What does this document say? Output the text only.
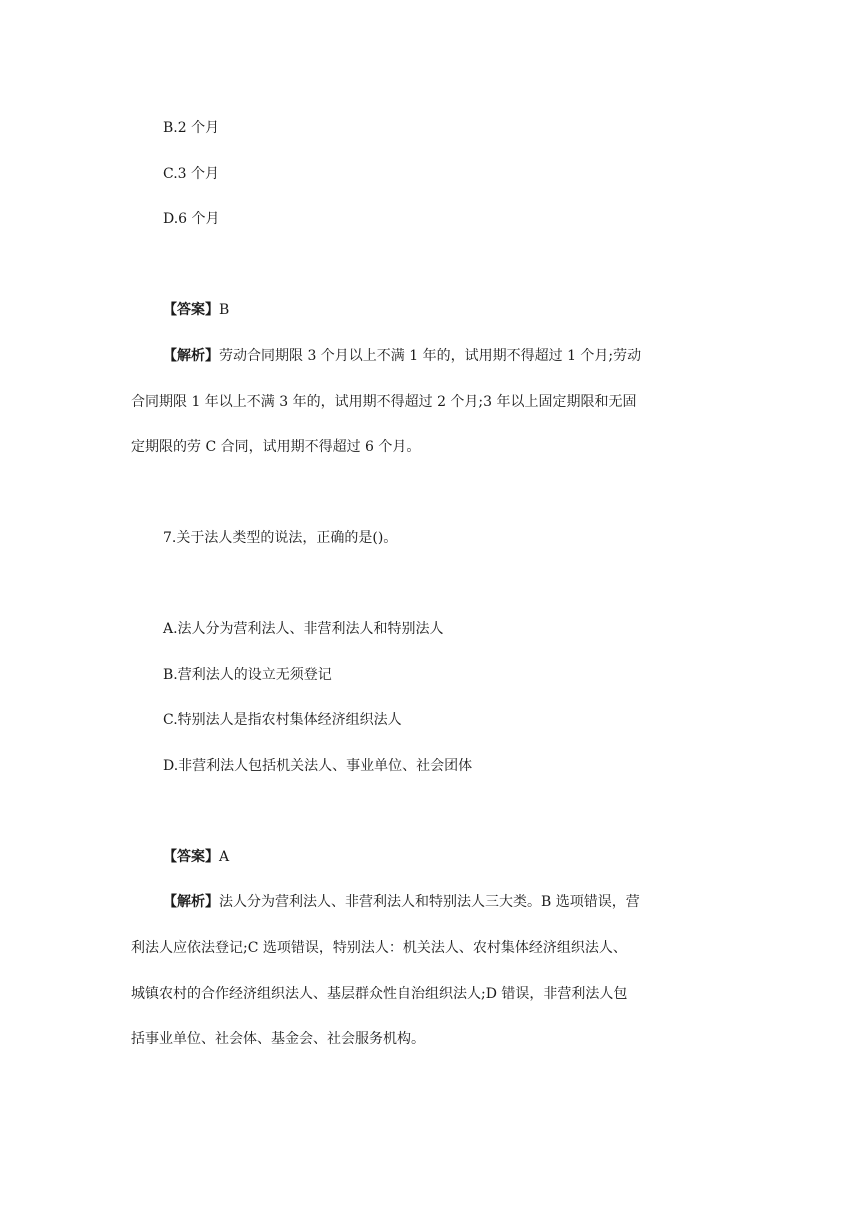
B.2 个月
C.3 个月
D.6 个月
【答案】B
【解析】劳动合同期限 3 个月以上不满 1 年的，试用期不得超过 1 个月;劳动
合同期限 1 年以上不满 3 年的，试用期不得超过 2 个月;3 年以上固定期限和无固
定期限的劳 C 合同，试用期不得超过 6 个月。
7.关于法人类型的说法，正确的是()。
A.法人分为营利法人、非营利法人和特别法人
B.营利法人的设立无须登记
C.特别法人是指农村集体经济组织法人
D.非营利法人包括机关法人、事业单位、社会团体
【答案】A
【解析】法人分为营利法人、非营利法人和特别法人三大类。B 选项错误，营
利法人应依法登记;C 选项错误，特别法人：机关法人、农村集体经济组织法人、
城镇农村的合作经济组织法人、基层群众性自治组织法人;D 错误，非营利法人包
括事业单位、社会体、基金会、社会服务机构。
